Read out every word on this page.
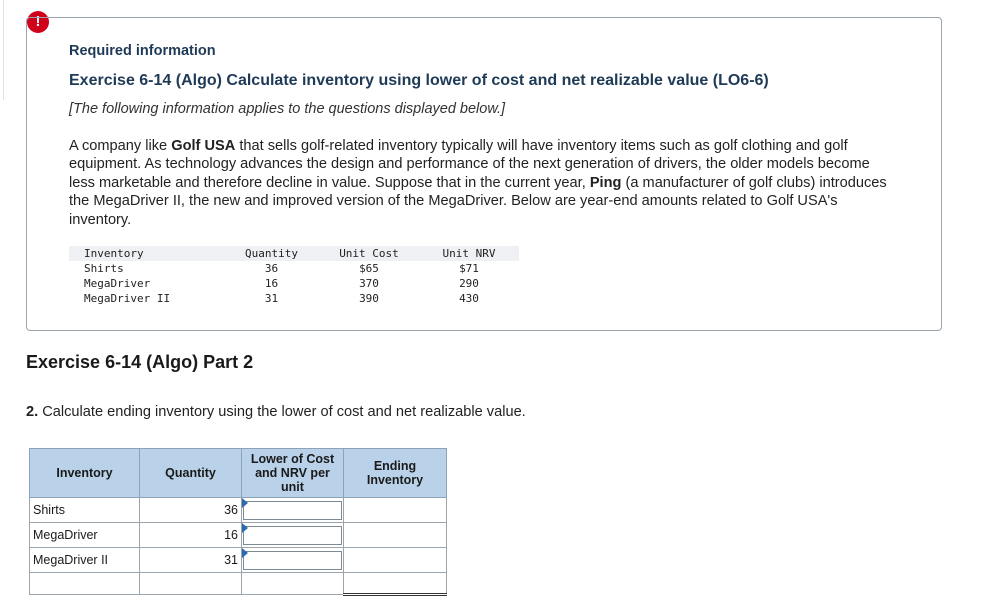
!
Required information
Exercise 6-14 (Algo) Calculate inventory using lower of cost and net realizable value (LO6-6)
[The following information applies to the questions displayed below.]
A company like Golf USA that sells golf-related inventory typically will have inventory items such as golf clothing and golf equipment. As technology advances the design and performance of the next generation of drivers, the older models become less marketable and therefore decline in value. Suppose that in the current year, Ping (a manufacturer of golf clubs) introduces the MegaDriver II, the new and improved version of the MegaDriver. Below are year-end amounts related to Golf USA's inventory.
Inventory	Quantity	Unit Cost	Unit NRV
Shirts	36	$65	$71
MegaDriver	16	370	290
MegaDriver II	31	390	430
Exercise 6-14 (Algo) Part 2
2. Calculate ending inventory using the lower of cost and net realizable value.
Inventory	Quantity	Lower of Cost and NRV per unit	Ending Inventory
Shirts	36	

MegaDriver	16	

MegaDriver II	31	
